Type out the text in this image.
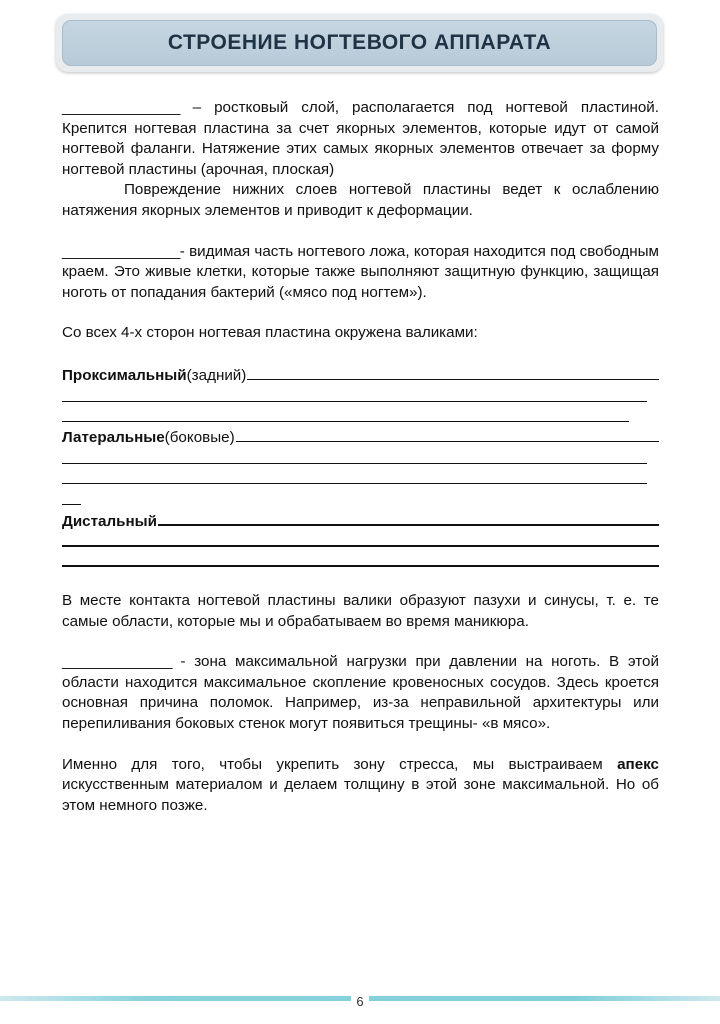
СТРОЕНИЕ НОГТЕВОГО АППАРАТА

_______________ – ростковый слой, располагается под ногтевой пластиной. Крепится ногтевая пластина за счет якорных элементов, которые идут от самой ногтевой фаланги. Натяжение этих самых якорных элементов отвечает за форму ногтевой пластины (арочная, плоская)

Повреждение нижних слоев ногтевой пластины ведет к ослаблению натяжения якорных элементов и приводит к деформации.

_______________- видимая часть ногтевого ложа, которая находится под свободным краем. Это живые клетки, которые также выполняют защитную функцию, защищая ноготь от попадания бактерий («мясо под ногтем»).

Со всех 4-х сторон ногтевая пластина окружена валиками:

Проксимальный (задний)
Латеральные (боковые)
Дистальный

В месте контакта ногтевой пластины валики образуют пазухи и синусы, т. е. те самые области, которые мы и обрабатываем во время маникюра.

______________ - зона максимальной нагрузки при давлении на ноготь. В этой области находится максимальное скопление кровеносных сосудов. Здесь кроется основная причина поломок. Например, из-за неправильной архитектуры или перепиливания боковых стенок могут появиться трещины- «в мясо».

Именно для того, чтобы укрепить зону стресса, мы выстраиваем апекс искусственным материалом и делаем толщину в этой зоне максимальной. Но об этом немного позже.

6
